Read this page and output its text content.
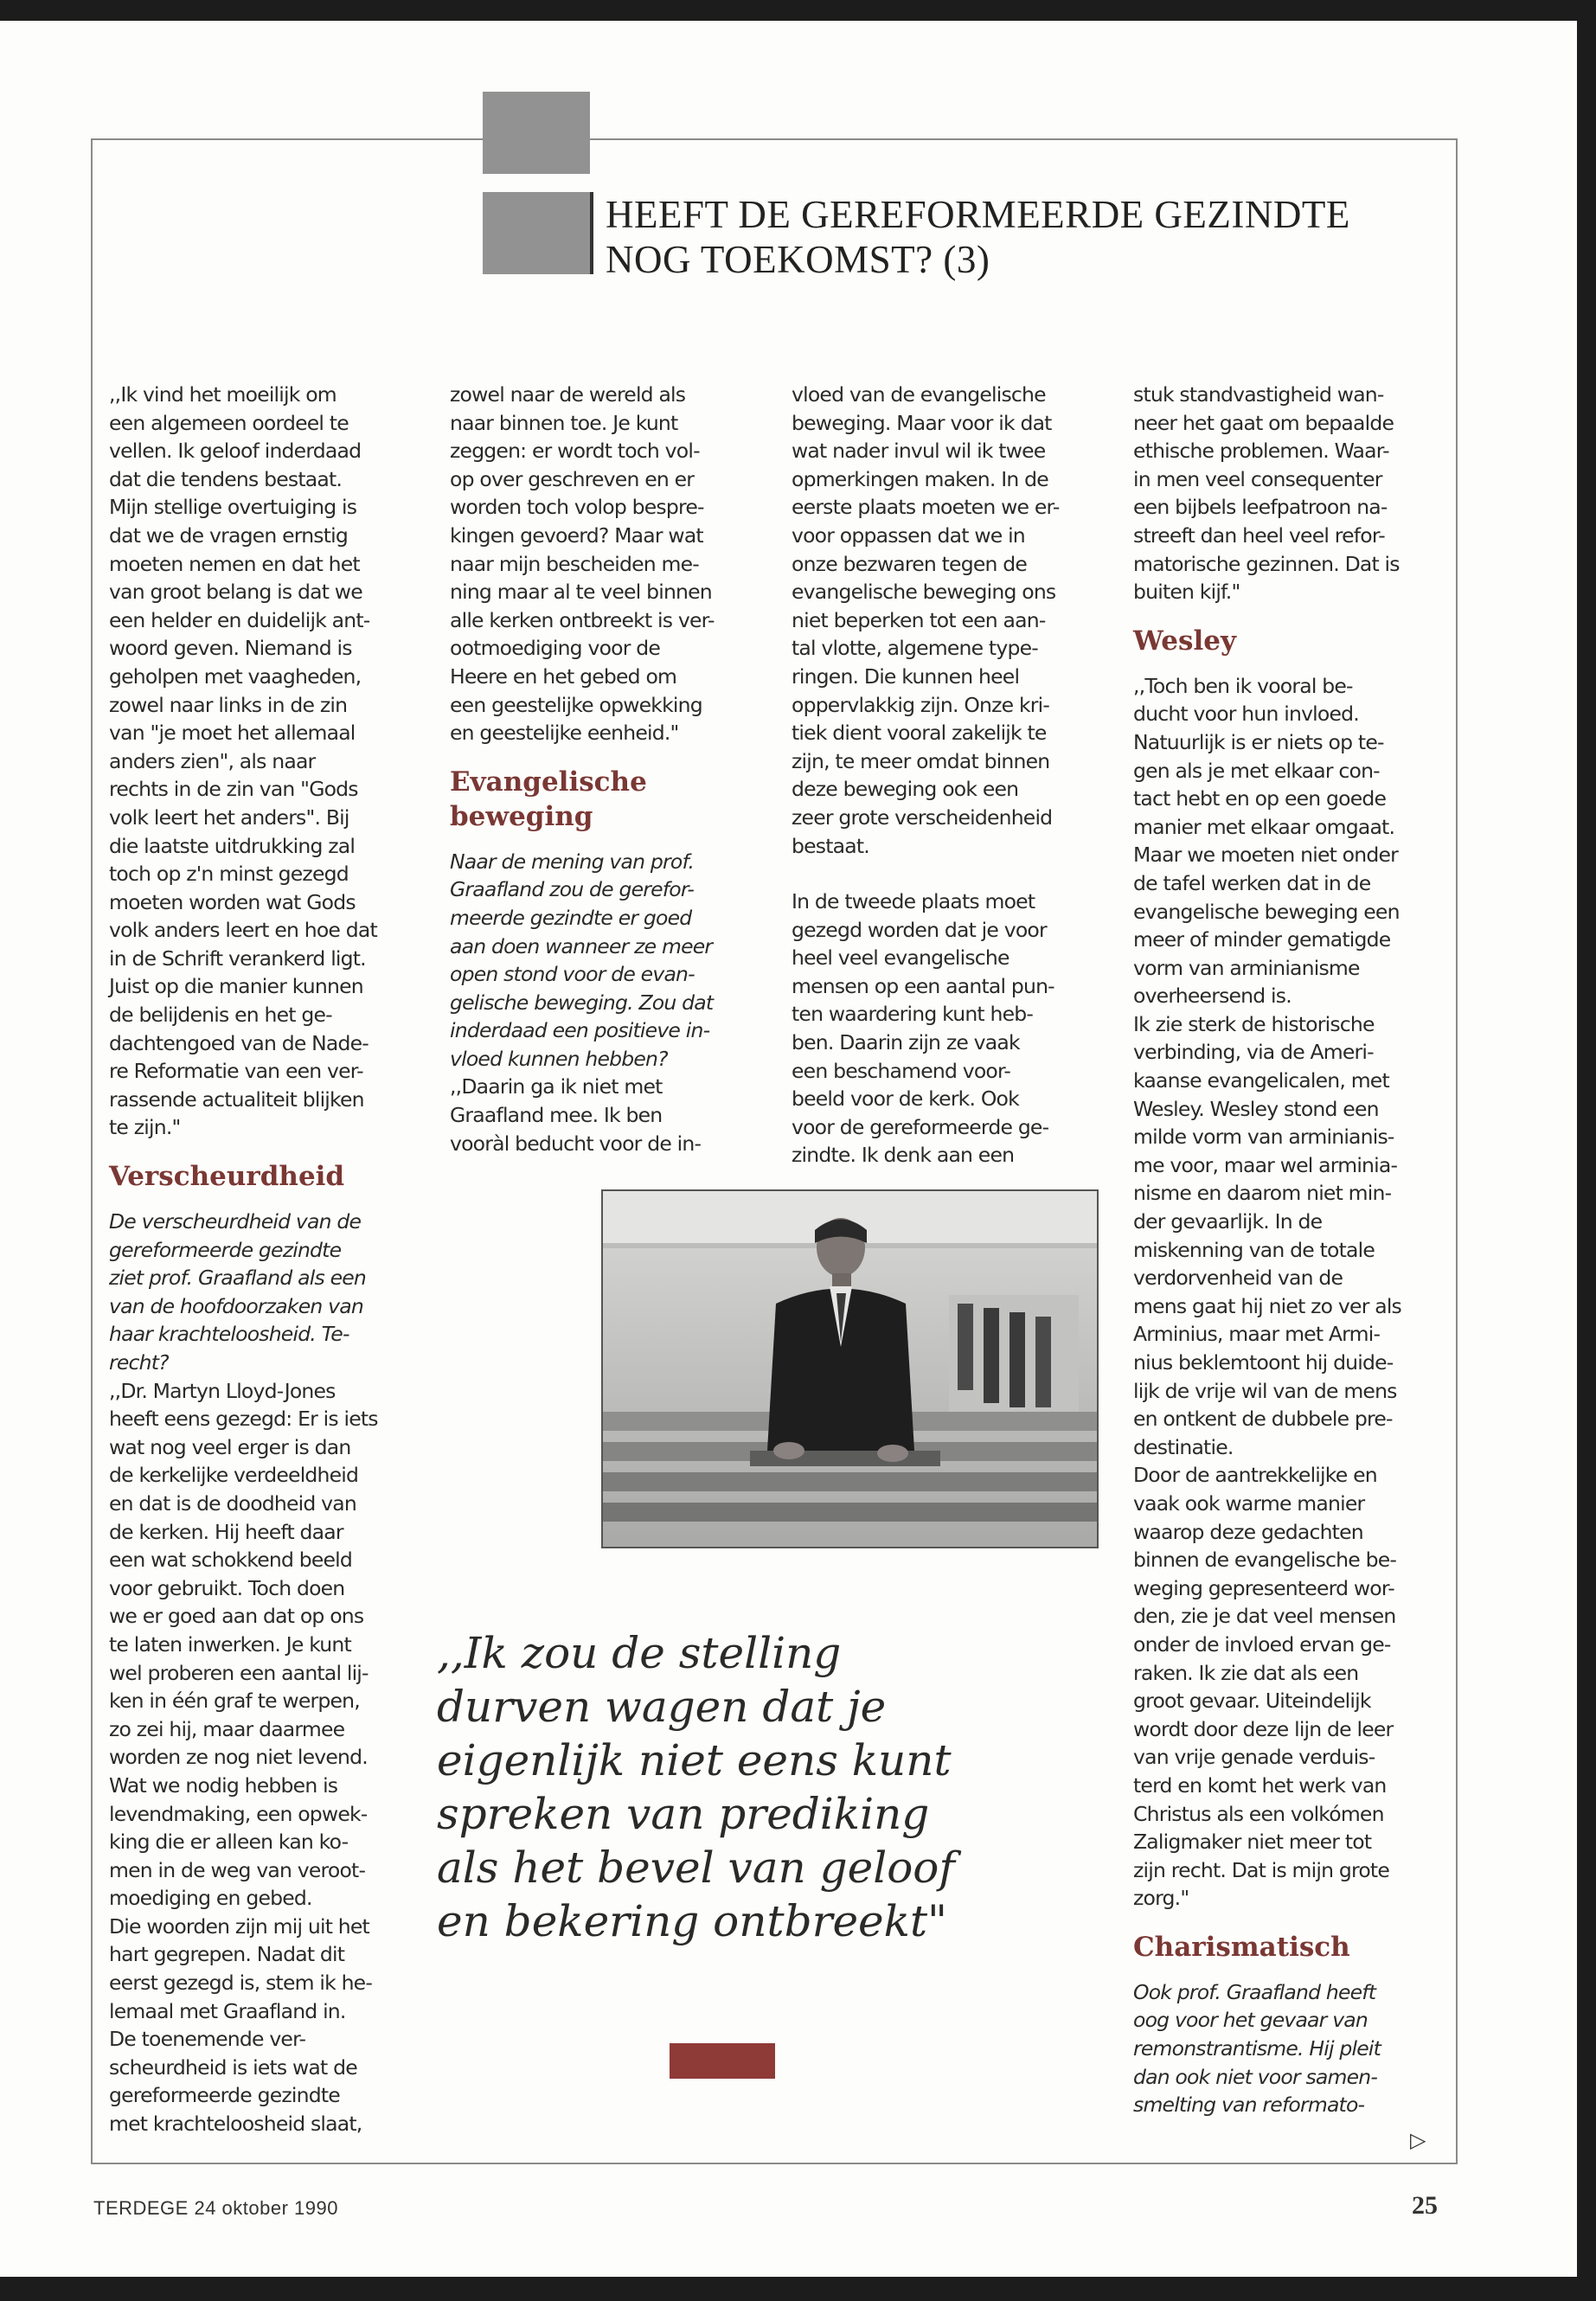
HEEFT DE GEREFORMEERDE GEZINDTE
NOG TOEKOMST? (3)

,,Ik vind het moeilijk om
een algemeen oordeel te
vellen. Ik geloof inderdaad
dat die tendens bestaat.
Mijn stellige overtuiging is
dat we de vragen ernstig
moeten nemen en dat het
van groot belang is dat we
een helder en duidelijk ant-
woord geven. Niemand is
geholpen met vaagheden,
zowel naar links in de zin
van "je moet het allemaal
anders zien", als naar
rechts in de zin van "Gods
volk leert het anders". Bij
die laatste uitdrukking zal
toch op z'n minst gezegd
moeten worden wat Gods
volk anders leert en hoe dat
in de Schrift verankerd ligt.
Juist op die manier kunnen
de belijdenis en het ge-
dachtengoed van de Nade-
re Reformatie van een ver-
rassende actualiteit blijken
te zijn."

Verscheurdheid

De verscheurdheid van de
gereformeerde gezindte
ziet prof. Graafland als een
van de hoofdoorzaken van
haar krachteloosheid. Te-
recht?

,,Dr. Martyn Lloyd-Jones
heeft eens gezegd: Er is iets
wat nog veel erger is dan
de kerkelijke verdeeldheid
en dat is de doodheid van
de kerken. Hij heeft daar
een wat schokkend beeld
voor gebruikt. Toch doen
we er goed aan dat op ons
te laten inwerken. Je kunt
wel proberen een aantal lij-
ken in één graf te werpen,
zo zei hij, maar daarmee
worden ze nog niet levend.
Wat we nodig hebben is
levendmaking, een opwek-
king die er alleen kan ko-
men in de weg van veroot-
moediging en gebed.
Die woorden zijn mij uit het
hart gegrepen. Nadat dit
eerst gezegd is, stem ik he-
lemaal met Graafland in.
De toenemende ver-
scheurdheid is iets wat de
gereformeerde gezindte
met krachteloosheid slaat,

zowel naar de wereld als
naar binnen toe. Je kunt
zeggen: er wordt toch vol-
op over geschreven en er
worden toch volop bespre-
kingen gevoerd? Maar wat
naar mijn bescheiden me-
ning maar al te veel binnen
alle kerken ontbreekt is ver-
ootmoediging voor de
Heere en het gebed om
een geestelijke opwekking
en geestelijke eenheid."

Evangelische beweging

Naar de mening van prof.
Graafland zou de gerefor-
meerde gezindte er goed
aan doen wanneer ze meer
open stond voor de evan-
gelische beweging. Zou dat
inderdaad een positieve in-
vloed kunnen hebben?

,,Daarin ga ik niet met
Graafland mee. Ik ben
vooràl beducht voor de in-

vloed van de evangelische
beweging. Maar voor ik dat
wat nader invul wil ik twee
opmerkingen maken. In de
eerste plaats moeten we er-
voor oppassen dat we in
onze bezwaren tegen de
evangelische beweging ons
niet beperken tot een aan-
tal vlotte, algemene type-
ringen. Die kunnen heel
oppervlakkig zijn. Onze kri-
tiek dient vooral zakelijk te
zijn, te meer omdat binnen
deze beweging ook een
zeer grote verscheidenheid
bestaat.

In de tweede plaats moet
gezegd worden dat je voor
heel veel evangelische
mensen op een aantal pun-
ten waardering kunt heb-
ben. Daarin zijn ze vaak
een beschamend voor-
beeld voor de kerk. Ook
voor de gereformeerde ge-
zindte. Ik denk aan een

stuk standvastigheid wan-
neer het gaat om bepaalde
ethische problemen. Waar-
in men veel consequenter
een bijbels leefpatroon na-
streeft dan heel veel refor-
matorische gezinnen. Dat is
buiten kijf."

Wesley

,,Toch ben ik vooral be-
ducht voor hun invloed.
Natuurlijk is er niets op te-
gen als je met elkaar con-
tact hebt en op een goede
manier met elkaar omgaat.
Maar we moeten niet onder
de tafel werken dat in de
evangelische beweging een
meer of minder gematigde
vorm van arminianisme
overheersend is.
Ik zie sterk de historische
verbinding, via de Ameri-
kaanse evangelicalen, met
Wesley. Wesley stond een
milde vorm van arminianis-
me voor, maar wel arminia-
nisme en daarom niet min-
der gevaarlijk. In de
miskenning van de totale
verdorvenheid van de
mens gaat hij niet zo ver als
Arminius, maar met Armi-
nius beklemtoont hij duide-
lijk de vrije wil van de mens
en ontkent de dubbele pre-
destinatie.
Door de aantrekkelijke en
vaak ook warme manier
waarop deze gedachten
binnen de evangelische be-
weging gepresenteerd wor-
den, zie je dat veel mensen
onder de invloed ervan ge-
raken. Ik zie dat als een
groot gevaar. Uiteindelijk
wordt door deze lijn de leer
van vrije genade verduis-
terd en komt het werk van
Christus als een volkómen
Zaligmaker niet meer tot
zijn recht. Dat is mijn grote
zorg."

Charismatisch

Ook prof. Graafland heeft
oog voor het gevaar van
remonstrantisme. Hij pleit
dan ook niet voor samen-
smelting van reformato-

▷
,,Ik zou de stelling
durven wagen dat je
eigenlijk niet eens kunt
spreken van prediking
als het bevel van geloof
en bekering ontbreekt"
TERDEGE 24 oktober 1990	25
